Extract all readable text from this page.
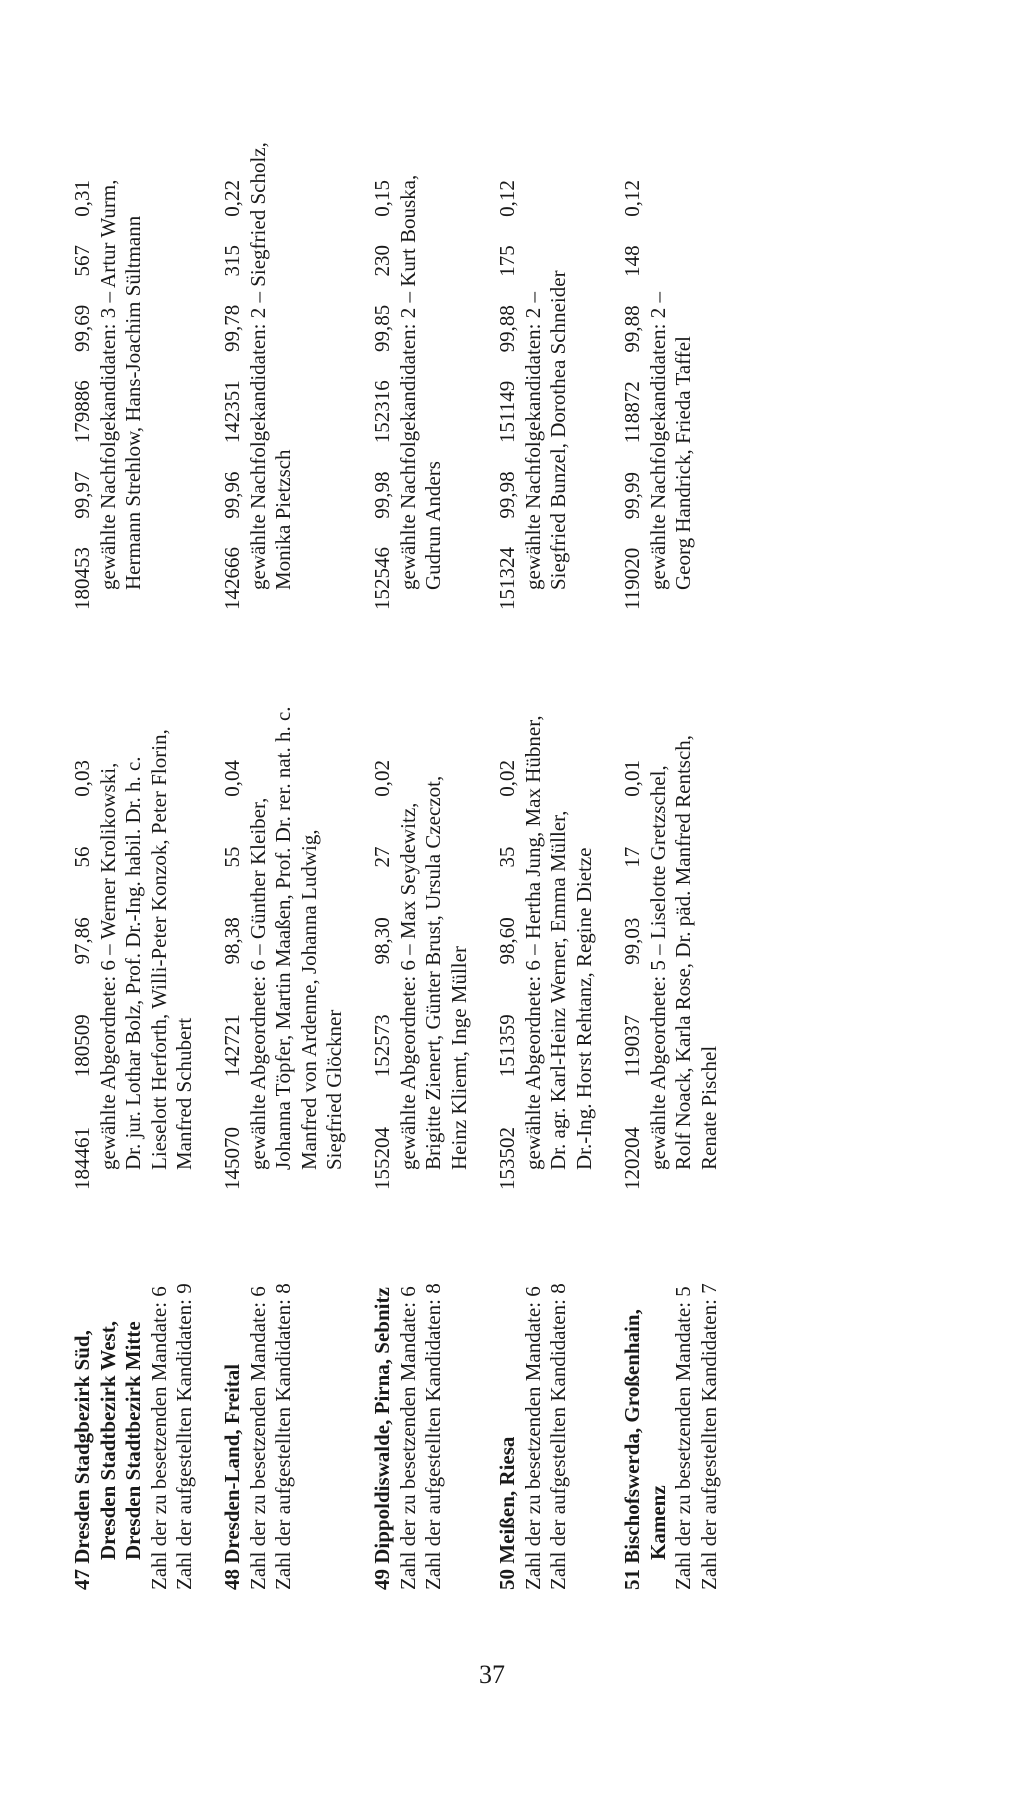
47 Dresden Stadgbezirk Süd, Dresden Stadtbezirk West, Dresden Stadtbezirk Mitte Zahl der zu besetzenden Mandate: 6 Zahl der aufgestellten Kandidaten: 9
184461
180509
97,86
56
0,03 gewählte Abgeordnete: 6 – Werner Krolikowski, Dr. jur. Lothar Bolz, Prof. Dr.-Ing. habil. Dr. h. c. Lieselott Herforth, Willi-Peter Konzok, Peter Florin, Manfred Schubert
180453
99,97
179886
99,69
567
0,31 gewählte Nachfolgekandidaten: 3 – Artur Wurm, Hermann Strehlow, Hans-Joachim Sültmann
48 Dresden-Land, Freital Zahl der zu besetzenden Mandate: 6 Zahl der aufgestellten Kandidaten: 8
145070
142721
98,38
55
0,04
gewählte Abgeordnete: 6 – Günther Kleiber, Johanna Töpfer, Martin Maaßen, Prof. Dr. rer. nat. h. c. Manfred von Ardenne, Johanna Ludwig, Siegfried Glöckner
142666
99,96
142351
99,78
315
0,22 gewählte Nachfolgekandidaten: 2 – Siegfried Scholz, Monika Pietzsch
49 Dippoldiswalde, Pirna, Sebnitz Zahl der zu besetzenden Mandate: 6 Zahl der aufgestellten Kandidaten: 8
155204
152573
98,30
27
0,02
gewählte Abgeordnete: 6 – Max Seydewitz, Brigitte Zienert, Günter Brust, Ursula Czeczot, Heinz Kliemt, Inge Müller
152546
99,98
152316
99,85
230
0,15 gewählte Nachfolgekandidaten: 2 – Kurt Bouska, Gudrun Anders
50 Meißen, Riesa Zahl der zu besetzenden Mandate: 6 Zahl der aufgestellten Kandidaten: 8
153502
151359
98,60
35
0,02 gewählte Abgeordnete: 6 – Hertha Jung, Max Hübner, Dr. agr. Karl-Heinz Werner, Emma Müller, Dr.-Ing. Horst Rehtanz, Regine Dietze
151324
99,98
151149
99,88
175
0,12
gewählte Nachfolgekandidaten: 2 – Siegfried Bunzel, Dorothea Schneider
51 Bischofswerda, Großenhain, Kamenz Zahl der zu besetzenden Mandate: 5 Zahl der aufgestellten Kandidaten: 7
120204
119037
99,03
17
0,01 gewählte Abgeordnete: 5 – Liselotte Gretzschel, Rolf Noack, Karla Rose, Dr. päd. Manfred Rentsch, Renate Pischel
119020
99,99
118872
99,88
148
0,12
gewählte Nachfolgekandidaten: 2 – Georg Handrick, Frieda Taffel
37
